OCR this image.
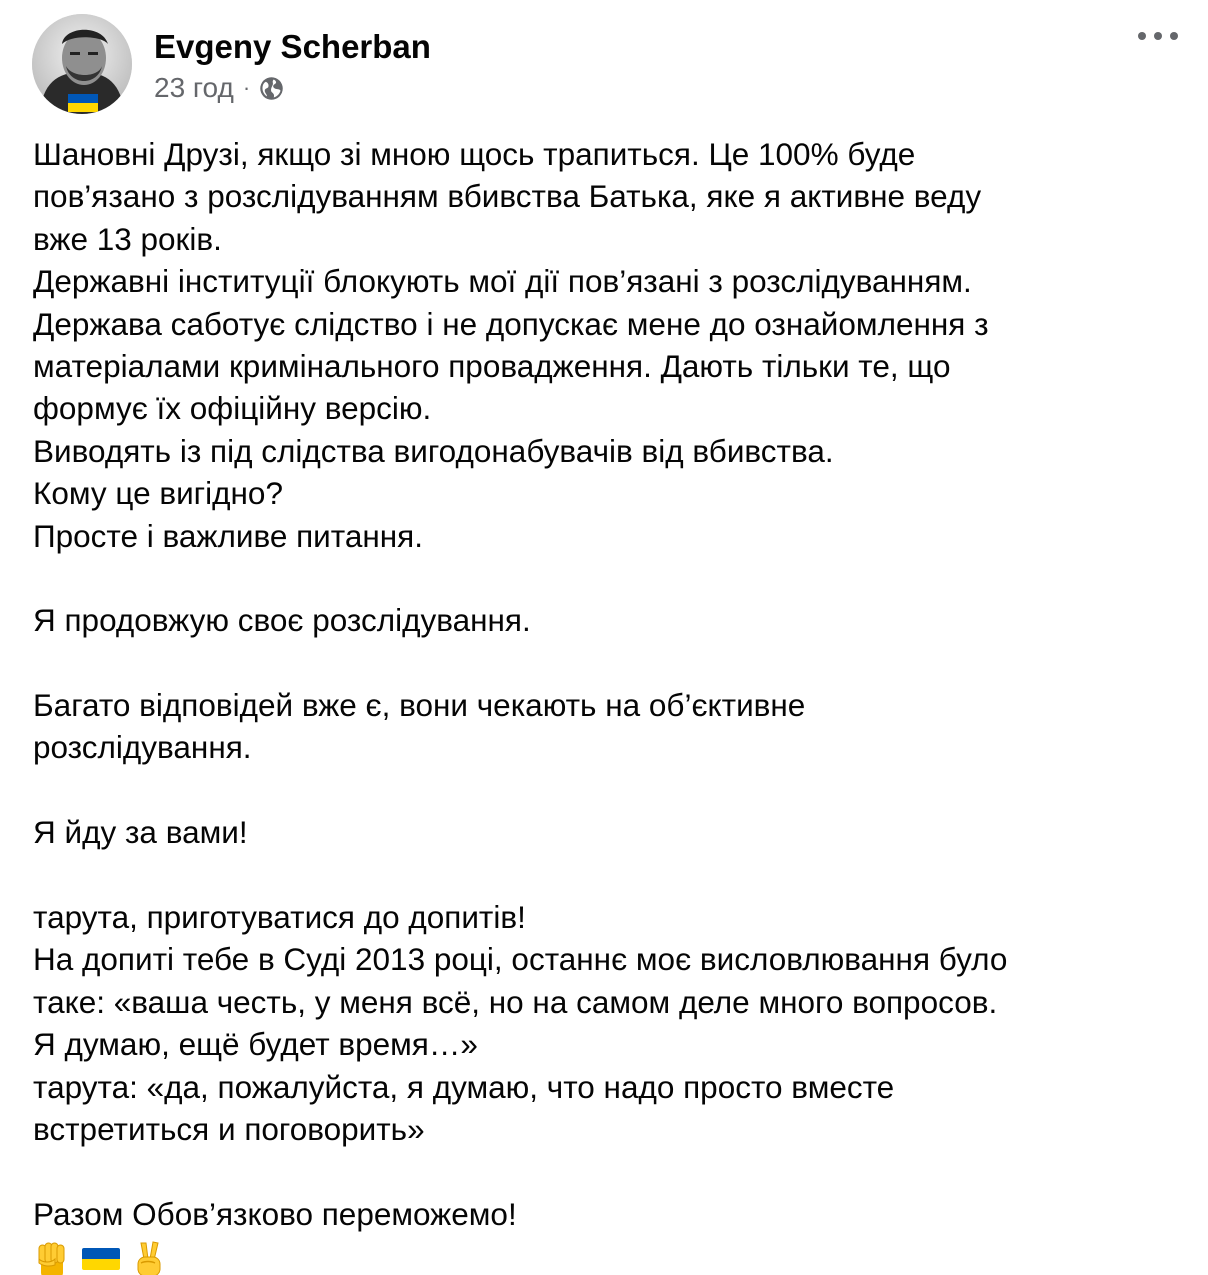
Evgeny Scherban
23 год ·
Шановні Друзі, якщо зі мною щось трапиться. Це 100% буде
пов’язано з розслідуванням вбивства Батька, яке я активне веду
вже 13 років.
Державні інституції блокують мої дії пов’язані з розслідуванням.
Держава саботує слідство і не допускає мене до ознайомлення з
матеріалами кримінального провадження. Дають тільки те, що
формує їх офіційну версію.
Виводять із під слідства вигодонабувачів від вбивства.
Кому це вигідно?
Просте і важливе питання.
Я продовжую своє розслідування.
Багато відповідей вже є, вони чекають на об’єктивне
розслідування.
Я йду за вами!
тарута, приготуватися до допитів!
На допиті тебе в Суді 2013 році, останнє моє висловлювання було
таке: «ваша честь, у меня всё, но на самом деле много вопросов.
Я думаю, ещё будет время…»
тарута: «да, пожалуйста, я думаю, что надо просто вместе
встретиться и поговорить»
Разом Обов’язково переможемо!
